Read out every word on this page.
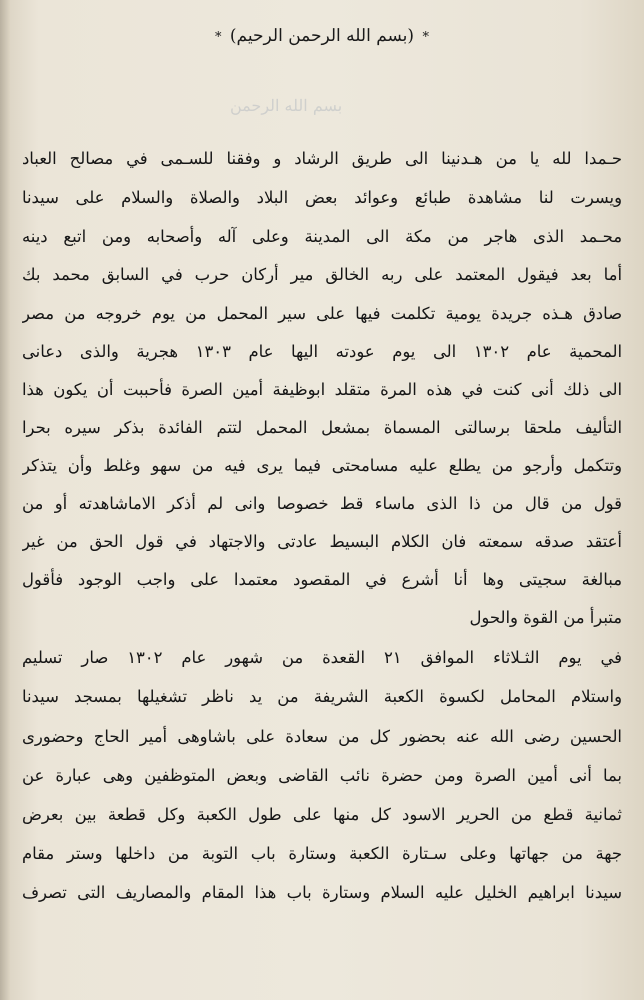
* (بسم الله الرحمن الرحيم) *
بسم الله الرحمن
حـمدا لله يا من هـدنينا الى طريق الرشاد و وفقنا للسـمى في مصالح العباد
ويسرت لنا مشاهدة طبائع وعوائد بعض البلاد والصلاة والسلام على سيدنا
محـمد الذى هاجر من مكة الى المدينة وعلى آله وأصحابه ومن اتبع دينه
أما بعد فيقول المعتمد على ربه الخالق مير أركان حرب في السابق محمد بك
صادق هـذه جريدة يومية تكلمت فيها على سير المحمل من يوم خروجه من مصر
المحمية عام ١٣٠٢ الى يوم عودته اليها عام ١٣٠٣ هجرية والذى دعانى
الى ذلك أنى كنت في هذه المرة متقلد ابوظيفة أمين الصرة فأحببت أن يكون هذا
التأليف ملحقا برسالتى المسماة بمشعل المحمل لتتم الفائدة بذكر سيره بحرا
وتتكمل وأرجو من يطلع عليه مسامحتى فيما يرى فيه من سهو وغلط وأن يتذكر
قول من قال من ذا الذى ماساء قط خصوصا وانى لم أذكر الاماشاهدته أو من
أعتقد صدقه سمعته فان الكلام البسيط عادتى والاجتهاد في قول الحق من غير
مبالغة سجيتى وها أنا أشرع في المقصود معتمدا على واجب الوجود فأقول
متبرأ من القوة والحول
في يوم الثـلاثاء الموافق ٢١ القعدة من شهور عام ١٣٠٢ صار تسليم
واستلام المحامل لكسوة الكعبة الشريفة من يد ناظر تشغيلها بمسجد سيدنا
الحسين رضى الله عنه بحضور كل من سعادة على باشاوهى أمير الحاج وحضورى
بما أنى أمين الصرة ومن حضرة نائب القاضى وبعض المتوظفين وهى عبارة عن
ثمانية قطع من الحرير الاسود كل منها على طول الكعبة وكل قطعة بين بعرض
جهة من جهاتها وعلى سـتارة الكعبة وستارة باب التوبة من داخلها وستر مقام
سيدنا ابراهيم الخليل عليه السلام وستارة باب هذا المقام والمصاريف التى تصرف
